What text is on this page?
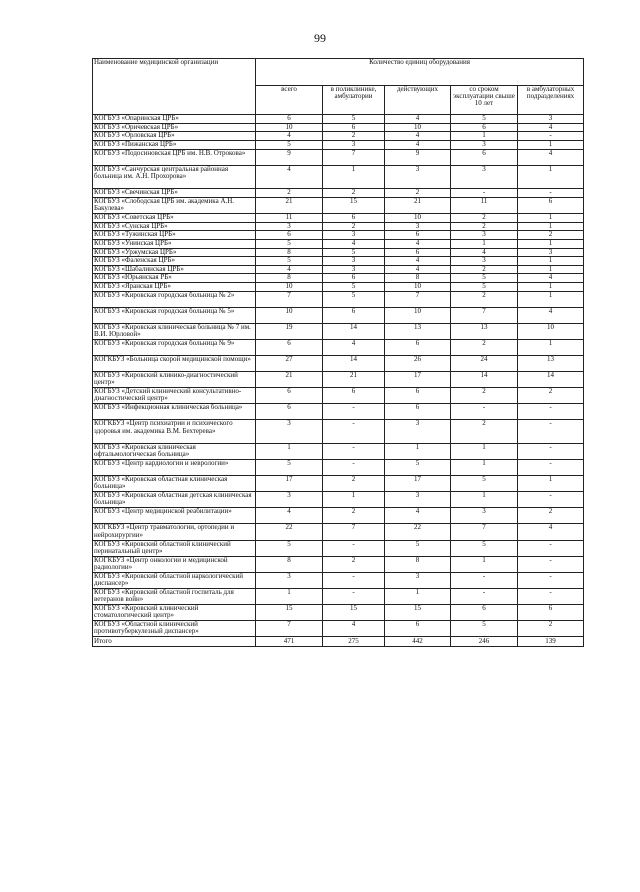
99
Наименование медицинской организации	Количество единиц оборудования				
	всего	в поликлинике, амбулатории	действующих	со сроком эксплуатации свыше 10 лет	в амбулаторных подразделениях
КОГБУЗ «Опаринская ЦРБ»	6	5	4	5	3
КОГБУЗ «Оричевская ЦРБ»	10	6	10	6	4
КОГБУЗ «Орловская ЦРБ»	4	2	4	1	-
КОГБУЗ «Пижанская ЦРБ»	5	3	4	3	1
КОГБУЗ «Подосиновская ЦРБ им. Н.В. Отрокова»	9	7	9	6	4
КОГБУЗ «Санчурская центральная районная больница им. А.Н. Прохорова»	4	1	3	3	1
КОГБУЗ «Свечинская ЦРБ»	2	2	2	-	-
КОГБУЗ «Слободская ЦРБ им. академика А.Н. Бакулева»	21	15	21	11	6
КОГБУЗ «Советская ЦРБ»	11	6	10	2	1
КОГБУЗ «Сунская ЦРБ»	3	2	3	2	1
КОГБУЗ «Тужинская ЦРБ»	6	3	6	3	2
КОГБУЗ «Унинская ЦРБ»	5	4	4	1	1
КОГБУЗ «Уржумская ЦРБ»	8	5	6	4	3
КОГБУЗ «Фаленская ЦРБ»	5	3	4	3	1
КОГБУЗ «Шабалинская ЦРБ»	4	3	4	2	1
КОГБУЗ «Юрьянская РБ»	8	6	8	5	4
КОГБУЗ «Яранская ЦРБ»	10	5	10	5	1
КОГБУЗ «Кировская городская больница № 2»	7	5	7	2	1
КОГБУЗ «Кировская городская больница № 5»	10	6	10	7	4
КОГБУЗ «Кировская клиническая больница № 7 им. В.И. Юрловой»	19	14	13	13	10
КОГБУЗ «Кировская городская больница № 9»	6	4	6	2	1
КОГКБУЗ «Больница скорой медицинской помощи»	27	14	26	24	13
КОГБУЗ «Кировский клинико-диагностический центр»	21	21	17	14	14
КОГБУЗ «Детский клинический консультативно-диагностический центр»	6	6	6	2	2
КОГБУЗ «Инфекционная клиническая больница»	6	-	6	-	-
КОГКБУЗ «Центр психиатрии и психического здоровья им. академика В.М. Бехтерева»	3	-	3	2	-
КОГБУЗ «Кировская клиническая офтальмологическая больница»	1	-	1	1	-
КОГБУЗ «Центр кардиологии и неврологии»	5	-	5	1	-
КОГБУЗ «Кировская областная клиническая больница»	17	2	17	5	1
КОГБУЗ «Кировская областная детская клиническая больница»	3	1	3	1	-
КОГБУЗ «Центр медицинской реабилитации»	4	2	4	3	2
КОГКБУЗ «Центр травматологии, ортопедии и нейрохирургии»	22	7	22	7	4
КОГБУЗ «Кировский областной клинический перинатальный центр»	5	-	5	5	-
КОГКБУЗ «Центр онкологии и медицинской радиологии»	8	2	8	1	-
КОГБУЗ «Кировский областной наркологический диспансер»	3	-	3	-	-
КОГБУЗ «Кировский областной госпиталь для ветеранов войн»	1	-	1	-	-
КОГБУЗ «Кировский клинический стоматологический центр»	15	15	15	6	6
КОГБУЗ «Областной клинический противотуберкулезный диспансер»	7	4	6	5	2
Итого	471	275	442	246	139
